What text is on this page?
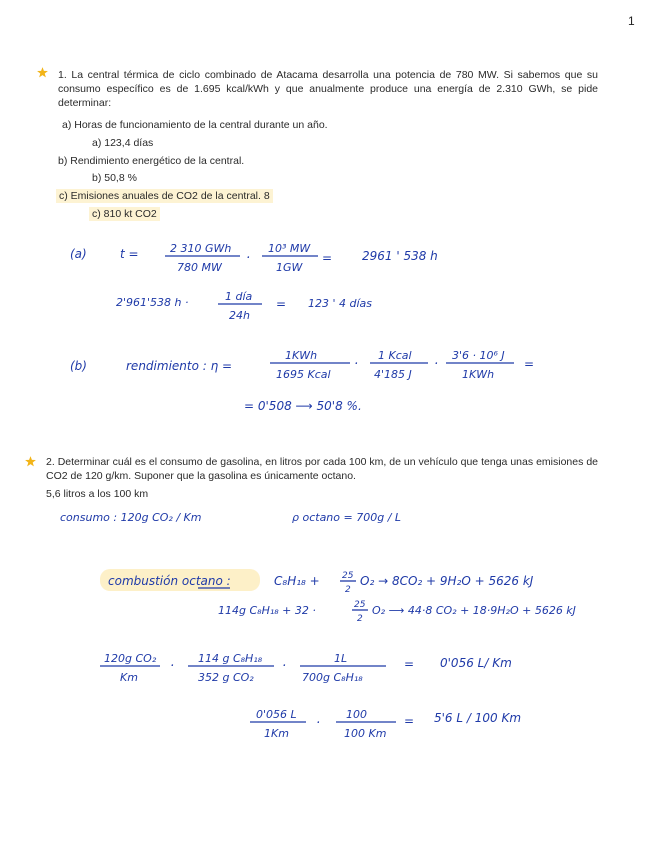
1
1. La central térmica de ciclo combinado de Atacama desarrolla una potencia de 780 MW. Si sabemos que su consumo específico es de 1.695 kcal/kWh y que anualmente produce una energía de 2.310 GWh, se pide determinar:
a) Horas de funcionamiento de la central durante un año.
a) 123,4 días
b) Rendimiento energético de la central.
b) 50,8 %
c) Emisiones anuales de CO2 de la central. 8
c) 810 kt CO2
2. Determinar cuál es el consumo de gasolina, en litros por cada 100 km, de un vehículo que tenga unas emisiones de CO2 de 120 g/km. Suponer que la gasolina es únicamente octano.
5,6 litros a los 100 km
(a)	t =	2 310 GWh
780 MW
·
10³ MW
1GW
= 2961 ' 538 h
2'961'538 h ·	1 día
24h
= 123 ' 4 días
(b)	rendimiento : η =
1KWh
1695 Kcal
·
1 Kcal
4'185 J
·
3'6 · 10⁶ J
1KWh
=
= 0'508 ⟶ 50'8 %.
consumo : 120g CO₂ / Km	ρ octano = 700g / L
combustión octano :	C₈H₁₈ + 25
2
O₂ → 8CO₂ + 9H₂O + 5626 kJ
114g C₈H₁₈ + 32 ·	25
2
O₂ ⟶ 44·8 CO₂ + 18·9H₂O + 5626 kJ
120g CO₂
Km
·
114 g C₈H₁₈
352 g CO₂
·
1L
700g C₈H₁₈
= 0'056 L/ Km
0'056 L
1Km
·
100
100 Km
= 5'6 L / 100 Km
